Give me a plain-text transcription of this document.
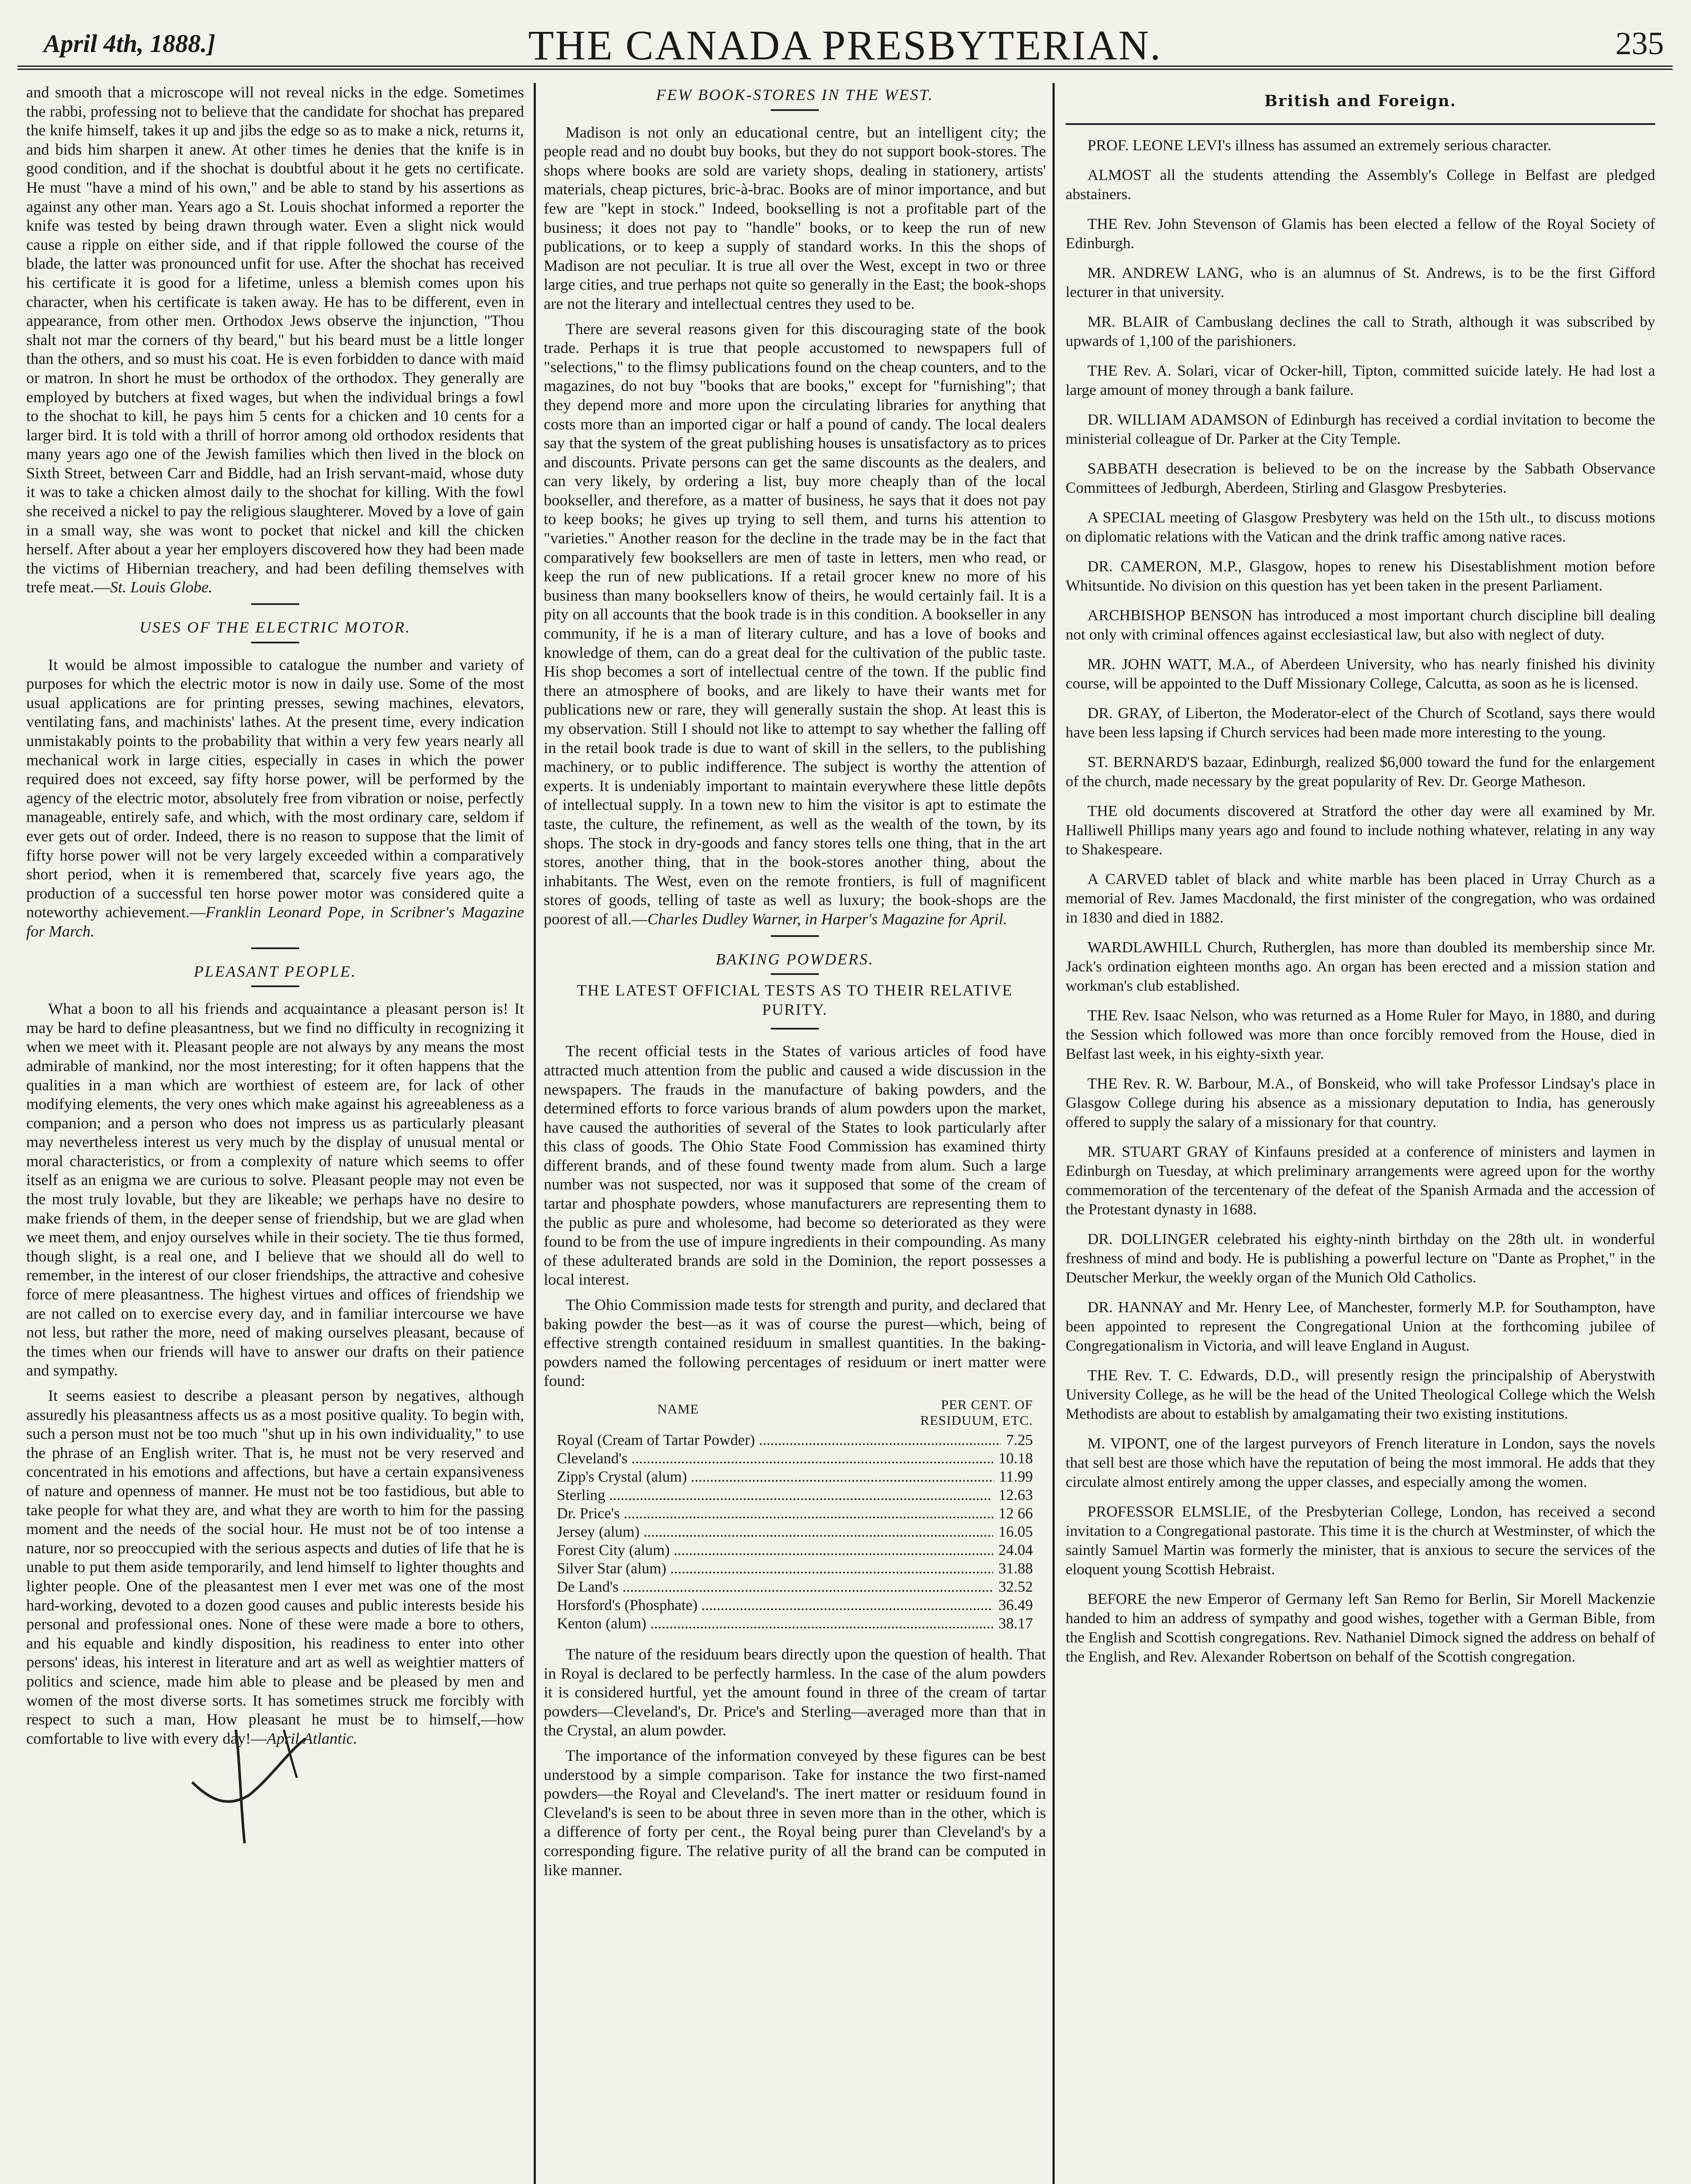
April 4th, 1888.]	THE CANADA PRESBYTERIAN.	235

and smooth that a microscope will not reveal nicks in the edge. Sometimes the rabbi, professing not to believe that the candidate for shochat has prepared the knife himself, takes it up and jibs the edge so as to make a nick, returns it, and bids him sharpen it anew. At other times he denies that the knife is in good condition, and if the shochat is doubtful about it he gets no certificate. He must "have a mind of his own," and be able to stand by his assertions as against any other man. Years ago a St. Louis shochat informed a reporter the knife was tested by being drawn through water. Even a slight nick would cause a ripple on either side, and if that ripple followed the course of the blade, the latter was pronounced unfit for use. After the shochat has received his certificate it is good for a lifetime, unless a blemish comes upon his character, when his certificate is taken away. He has to be different, even in appearance, from other men. Orthodox Jews observe the injunction, "Thou shalt not mar the corners of thy beard," but his beard must be a little longer than the others, and so must his coat. He is even forbidden to dance with maid or matron. In short he must be orthodox of the orthodox. They generally are employed by butchers at fixed wages, but when the individual brings a fowl to the shochat to kill, he pays him 5 cents for a chicken and 10 cents for a larger bird. It is told with a thrill of horror among old orthodox residents that many years ago one of the Jewish families which then lived in the block on Sixth Street, between Carr and Biddle, had an Irish servant-maid, whose duty it was to take a chicken almost daily to the shochat for killing. With the fowl she received a nickel to pay the religious slaughterer. Moved by a love of gain in a small way, she was wont to pocket that nickel and kill the chicken herself. After about a year her employers discovered how they had been made the victims of Hibernian treachery, and had been defiling themselves with trefe meat.—St. Louis Globe.

USES OF THE ELECTRIC MOTOR.

It would be almost impossible to catalogue the number and variety of purposes for which the electric motor is now in daily use. Some of the most usual applications are for printing presses, sewing machines, elevators, ventilating fans, and machinists' lathes. At the present time, every indication unmistakably points to the probability that within a very few years nearly all mechanical work in large cities, especially in cases in which the power required does not exceed, say fifty horse power, will be performed by the agency of the electric motor, absolutely free from vibration or noise, perfectly manageable, entirely safe, and which, with the most ordinary care, seldom if ever gets out of order. Indeed, there is no reason to suppose that the limit of fifty horse power will not be very largely exceeded within a comparatively short period, when it is remembered that, scarcely five years ago, the production of a successful ten horse power motor was considered quite a noteworthy achievement.—Franklin Leonard Pope, in Scribner's Magazine for March.

PLEASANT PEOPLE.

What a boon to all his friends and acquaintance a pleasant person is! It may be hard to define pleasantness, but we find no difficulty in recognizing it when we meet with it. Pleasant people are not always by any means the most admirable of mankind, nor the most interesting; for it often happens that the qualities in a man which are worthiest of esteem are, for lack of other modifying elements, the very ones which make against his agreeableness as a companion; and a person who does not impress us as particularly pleasant may nevertheless interest us very much by the display of unusual mental or moral characteristics, or from a complexity of nature which seems to offer itself as an enigma we are curious to solve. Pleasant people may not even be the most truly lovable, but they are likeable; we perhaps have no desire to make friends of them, in the deeper sense of friendship, but we are glad when we meet them, and enjoy ourselves while in their society. The tie thus formed, though slight, is a real one, and I believe that we should all do well to remember, in the interest of our closer friendships, the attractive and cohesive force of mere pleasantness. The highest virtues and offices of friendship we are not called on to exercise every day, and in familiar intercourse we have not less, but rather the more, need of making ourselves pleasant, because of the times when our friends will have to answer our drafts on their patience and sympathy.

It seems easiest to describe a pleasant person by negatives, although assuredly his pleasantness affects us as a most positive quality. To begin with, such a person must not be too much "shut up in his own individuality," to use the phrase of an English writer. That is, he must not be very reserved and concentrated in his emotions and affections, but have a certain expansiveness of nature and openness of manner. He must not be too fastidious, but able to take people for what they are, and what they are worth to him for the passing moment and the needs of the social hour. He must not be of too intense a nature, nor so preoccupied with the serious aspects and duties of life that he is unable to put them aside temporarily, and lend himself to lighter thoughts and lighter people. One of the pleasantest men I ever met was one of the most hard-working, devoted to a dozen good causes and public interests beside his personal and professional ones. None of these were made a bore to others, and his equable and kindly disposition, his readiness to enter into other persons' ideas, his interest in literature and art as well as weightier matters of politics and science, made him able to please and be pleased by men and women of the most diverse sorts. It has sometimes struck me forcibly with respect to such a man, How pleasant he must be to himself,—how comfortable to live with every day!—April Atlantic.

FEW BOOK-STORES IN THE WEST.

Madison is not only an educational centre, but an intelligent city; the people read and no doubt buy books, but they do not support book-stores. The shops where books are sold are variety shops, dealing in stationery, artists' materials, cheap pictures, bric-à-brac. Books are of minor importance, and but few are "kept in stock." Indeed, bookselling is not a profitable part of the business; it does not pay to "handle" books, or to keep the run of new publications, or to keep a supply of standard works. In this the shops of Madison are not peculiar. It is true all over the West, except in two or three large cities, and true perhaps not quite so generally in the East; the book-shops are not the literary and intellectual centres they used to be.

There are several reasons given for this discouraging state of the book trade. Perhaps it is true that people accustomed to newspapers full of "selections," to the flimsy publications found on the cheap counters, and to the magazines, do not buy "books that are books," except for "furnishing"; that they depend more and more upon the circulating libraries for anything that costs more than an imported cigar or half a pound of candy. The local dealers say that the system of the great publishing houses is unsatisfactory as to prices and discounts. Private persons can get the same discounts as the dealers, and can very likely, by ordering a list, buy more cheaply than of the local bookseller, and therefore, as a matter of business, he says that it does not pay to keep books; he gives up trying to sell them, and turns his attention to "varieties." Another reason for the decline in the trade may be in the fact that comparatively few booksellers are men of taste in letters, men who read, or keep the run of new publications. If a retail grocer knew no more of his business than many booksellers know of theirs, he would certainly fail. It is a pity on all accounts that the book trade is in this condition. A bookseller in any community, if he is a man of literary culture, and has a love of books and knowledge of them, can do a great deal for the cultivation of the public taste. His shop becomes a sort of intellectual centre of the town. If the public find there an atmosphere of books, and are likely to have their wants met for publications new or rare, they will generally sustain the shop. At least this is my observation. Still I should not like to attempt to say whether the falling off in the retail book trade is due to want of skill in the sellers, to the publishing machinery, or to public indifference. The subject is worthy the attention of experts. It is undeniably important to maintain everywhere these little depôts of intellectual supply. In a town new to him the visitor is apt to estimate the taste, the culture, the refinement, as well as the wealth of the town, by its shops. The stock in dry-goods and fancy stores tells one thing, that in the art stores, another thing, that in the book-stores another thing, about the inhabitants. The West, even on the remote frontiers, is full of magnificent stores of goods, telling of taste as well as luxury; the book-shops are the poorest of all.—Charles Dudley Warner, in Harper's Magazine for April.

BAKING POWDERS.

THE LATEST OFFICIAL TESTS AS TO THEIR RELATIVE PURITY.

The recent official tests in the States of various articles of food have attracted much attention from the public and caused a wide discussion in the newspapers. The frauds in the manufacture of baking powders, and the determined efforts to force various brands of alum powders upon the market, have caused the authorities of several of the States to look particularly after this class of goods. The Ohio State Food Commission has examined thirty different brands, and of these found twenty made from alum. Such a large number was not suspected, nor was it supposed that some of the cream of tartar and phosphate powders, whose manufacturers are representing them to the public as pure and wholesome, had become so deteriorated as they were found to be from the use of impure ingredients in their compounding. As many of these adulterated brands are sold in the Dominion, the report possesses a local interest.

The Ohio Commission made tests for strength and purity, and declared that baking powder the best—as it was of course the purest—which, being of effective strength contained residuum in smallest quantities. In the baking-powders named the following percentages of residuum or inert matter were found:

NAME	PER CENT. OF RESIDUUM, ETC.
Royal (Cream of Tartar Powder) .....	7.25
Cleveland's .....	10.18
Zipp's Crystal (alum) .....	11.99
Sterling .....	12.63
Dr. Price's .....	12 66
Jersey (alum) .....	16.05
Forest City (alum) .....	24.04
Silver Star (alum) .....	31.88
De Land's .....	32.52
Horsford's (Phosphate) .....	36.49
Kenton (alum) .....	38.17

The nature of the residuum bears directly upon the question of health. That in Royal is declared to be perfectly harmless. In the case of the alum powders it is considered hurtful, yet the amount found in three of the cream of tartar powders—Cleveland's, Dr. Price's and Sterling—averaged more than that in the Crystal, an alum powder.

The importance of the information conveyed by these figures can be best understood by a simple comparison. Take for instance the two first-named powders—the Royal and Cleveland's. The inert matter or residuum found in Cleveland's is seen to be about three in seven more than in the other, which is a difference of forty per cent., the Royal being purer than Cleveland's by a corresponding figure. The relative purity of all the brand can be computed in like manner.

British and Foreign.

PROF. LEONE LEVI's illness has assumed an extremely serious character.

ALMOST all the students attending the Assembly's College in Belfast are pledged abstainers.

THE Rev. John Stevenson of Glamis has been elected a fellow of the Royal Society of Edinburgh.

MR. ANDREW LANG, who is an alumnus of St. Andrews, is to be the first Gifford lecturer in that university.

MR. BLAIR of Cambuslang declines the call to Strath, although it was subscribed by upwards of 1,100 of the parishioners.

THE Rev. A. Solari, vicar of Ocker-hill, Tipton, committed suicide lately. He had lost a large amount of money through a bank failure.

DR. WILLIAM ADAMSON of Edinburgh has received a cordial invitation to become the ministerial colleague of Dr. Parker at the City Temple.

SABBATH desecration is believed to be on the increase by the Sabbath Observance Committees of Jedburgh, Aberdeen, Stirling and Glasgow Presbyteries.

A SPECIAL meeting of Glasgow Presbytery was held on the 15th ult., to discuss motions on diplomatic relations with the Vatican and the drink traffic among native races.

DR. CAMERON, M.P., Glasgow, hopes to renew his Disestablishment motion before Whitsuntide. No division on this question has yet been taken in the present Parliament.

ARCHBISHOP BENSON has introduced a most important church discipline bill dealing not only with criminal offences against ecclesiastical law, but also with neglect of duty.

MR. JOHN WATT, M.A., of Aberdeen University, who has nearly finished his divinity course, will be appointed to the Duff Missionary College, Calcutta, as soon as he is licensed.

DR. GRAY, of Liberton, the Moderator-elect of the Church of Scotland, says there would have been less lapsing if Church services had been made more interesting to the young.

ST. BERNARD'S bazaar, Edinburgh, realized $6,000 toward the fund for the enlargement of the church, made necessary by the great popularity of Rev. Dr. George Matheson.

THE old documents discovered at Stratford the other day were all examined by Mr. Halliwell Phillips many years ago and found to include nothing whatever, relating in any way to Shakespeare.

A CARVED tablet of black and white marble has been placed in Urray Church as a memorial of Rev. James Macdonald, the first minister of the congregation, who was ordained in 1830 and died in 1882.

WARDLAWHILL Church, Rutherglen, has more than doubled its membership since Mr. Jack's ordination eighteen months ago. An organ has been erected and a mission station and workman's club established.

THE Rev. Isaac Nelson, who was returned as a Home Ruler for Mayo, in 1880, and during the Session which followed was more than once forcibly removed from the House, died in Belfast last week, in his eighty-sixth year.

THE Rev. R. W. Barbour, M.A., of Bonskeid, who will take Professor Lindsay's place in Glasgow College during his absence as a missionary deputation to India, has generously offered to supply the salary of a missionary for that country.

MR. STUART GRAY of Kinfauns presided at a conference of ministers and laymen in Edinburgh on Tuesday, at which preliminary arrangements were agreed upon for the worthy commemoration of the tercentenary of the defeat of the Spanish Armada and the accession of the Protestant dynasty in 1688.

DR. DOLLINGER celebrated his eighty-ninth birthday on the 28th ult. in wonderful freshness of mind and body. He is publishing a powerful lecture on "Dante as Prophet," in the Deutscher Merkur, the weekly organ of the Munich Old Catholics.

DR. HANNAY and Mr. Henry Lee, of Manchester, formerly M.P. for Southampton, have been appointed to represent the Congregational Union at the forthcoming jubilee of Congregationalism in Victoria, and will leave England in August.

THE Rev. T. C. Edwards, D.D., will presently resign the principalship of Aberystwith University College, as he will be the head of the United Theological College which the Welsh Methodists are about to establish by amalgamating their two existing institutions.

M. VIPONT, one of the largest purveyors of French literature in London, says the novels that sell best are those which have the reputation of being the most immoral. He adds that they circulate almost entirely among the upper classes, and especially among the women.

PROFESSOR ELMSLIE, of the Presbyterian College, London, has received a second invitation to a Congregational pastorate. This time it is the church at Westminster, of which the saintly Samuel Martin was formerly the minister, that is anxious to secure the services of the eloquent young Scottish Hebraist.

BEFORE the new Emperor of Germany left San Remo for Berlin, Sir Morell Mackenzie handed to him an address of sympathy and good wishes, together with a German Bible, from the English and Scottish congregations. Rev. Nathaniel Dimock signed the address on behalf of the English, and Rev. Alexander Robertson on behalf of the Scottish congregation.
